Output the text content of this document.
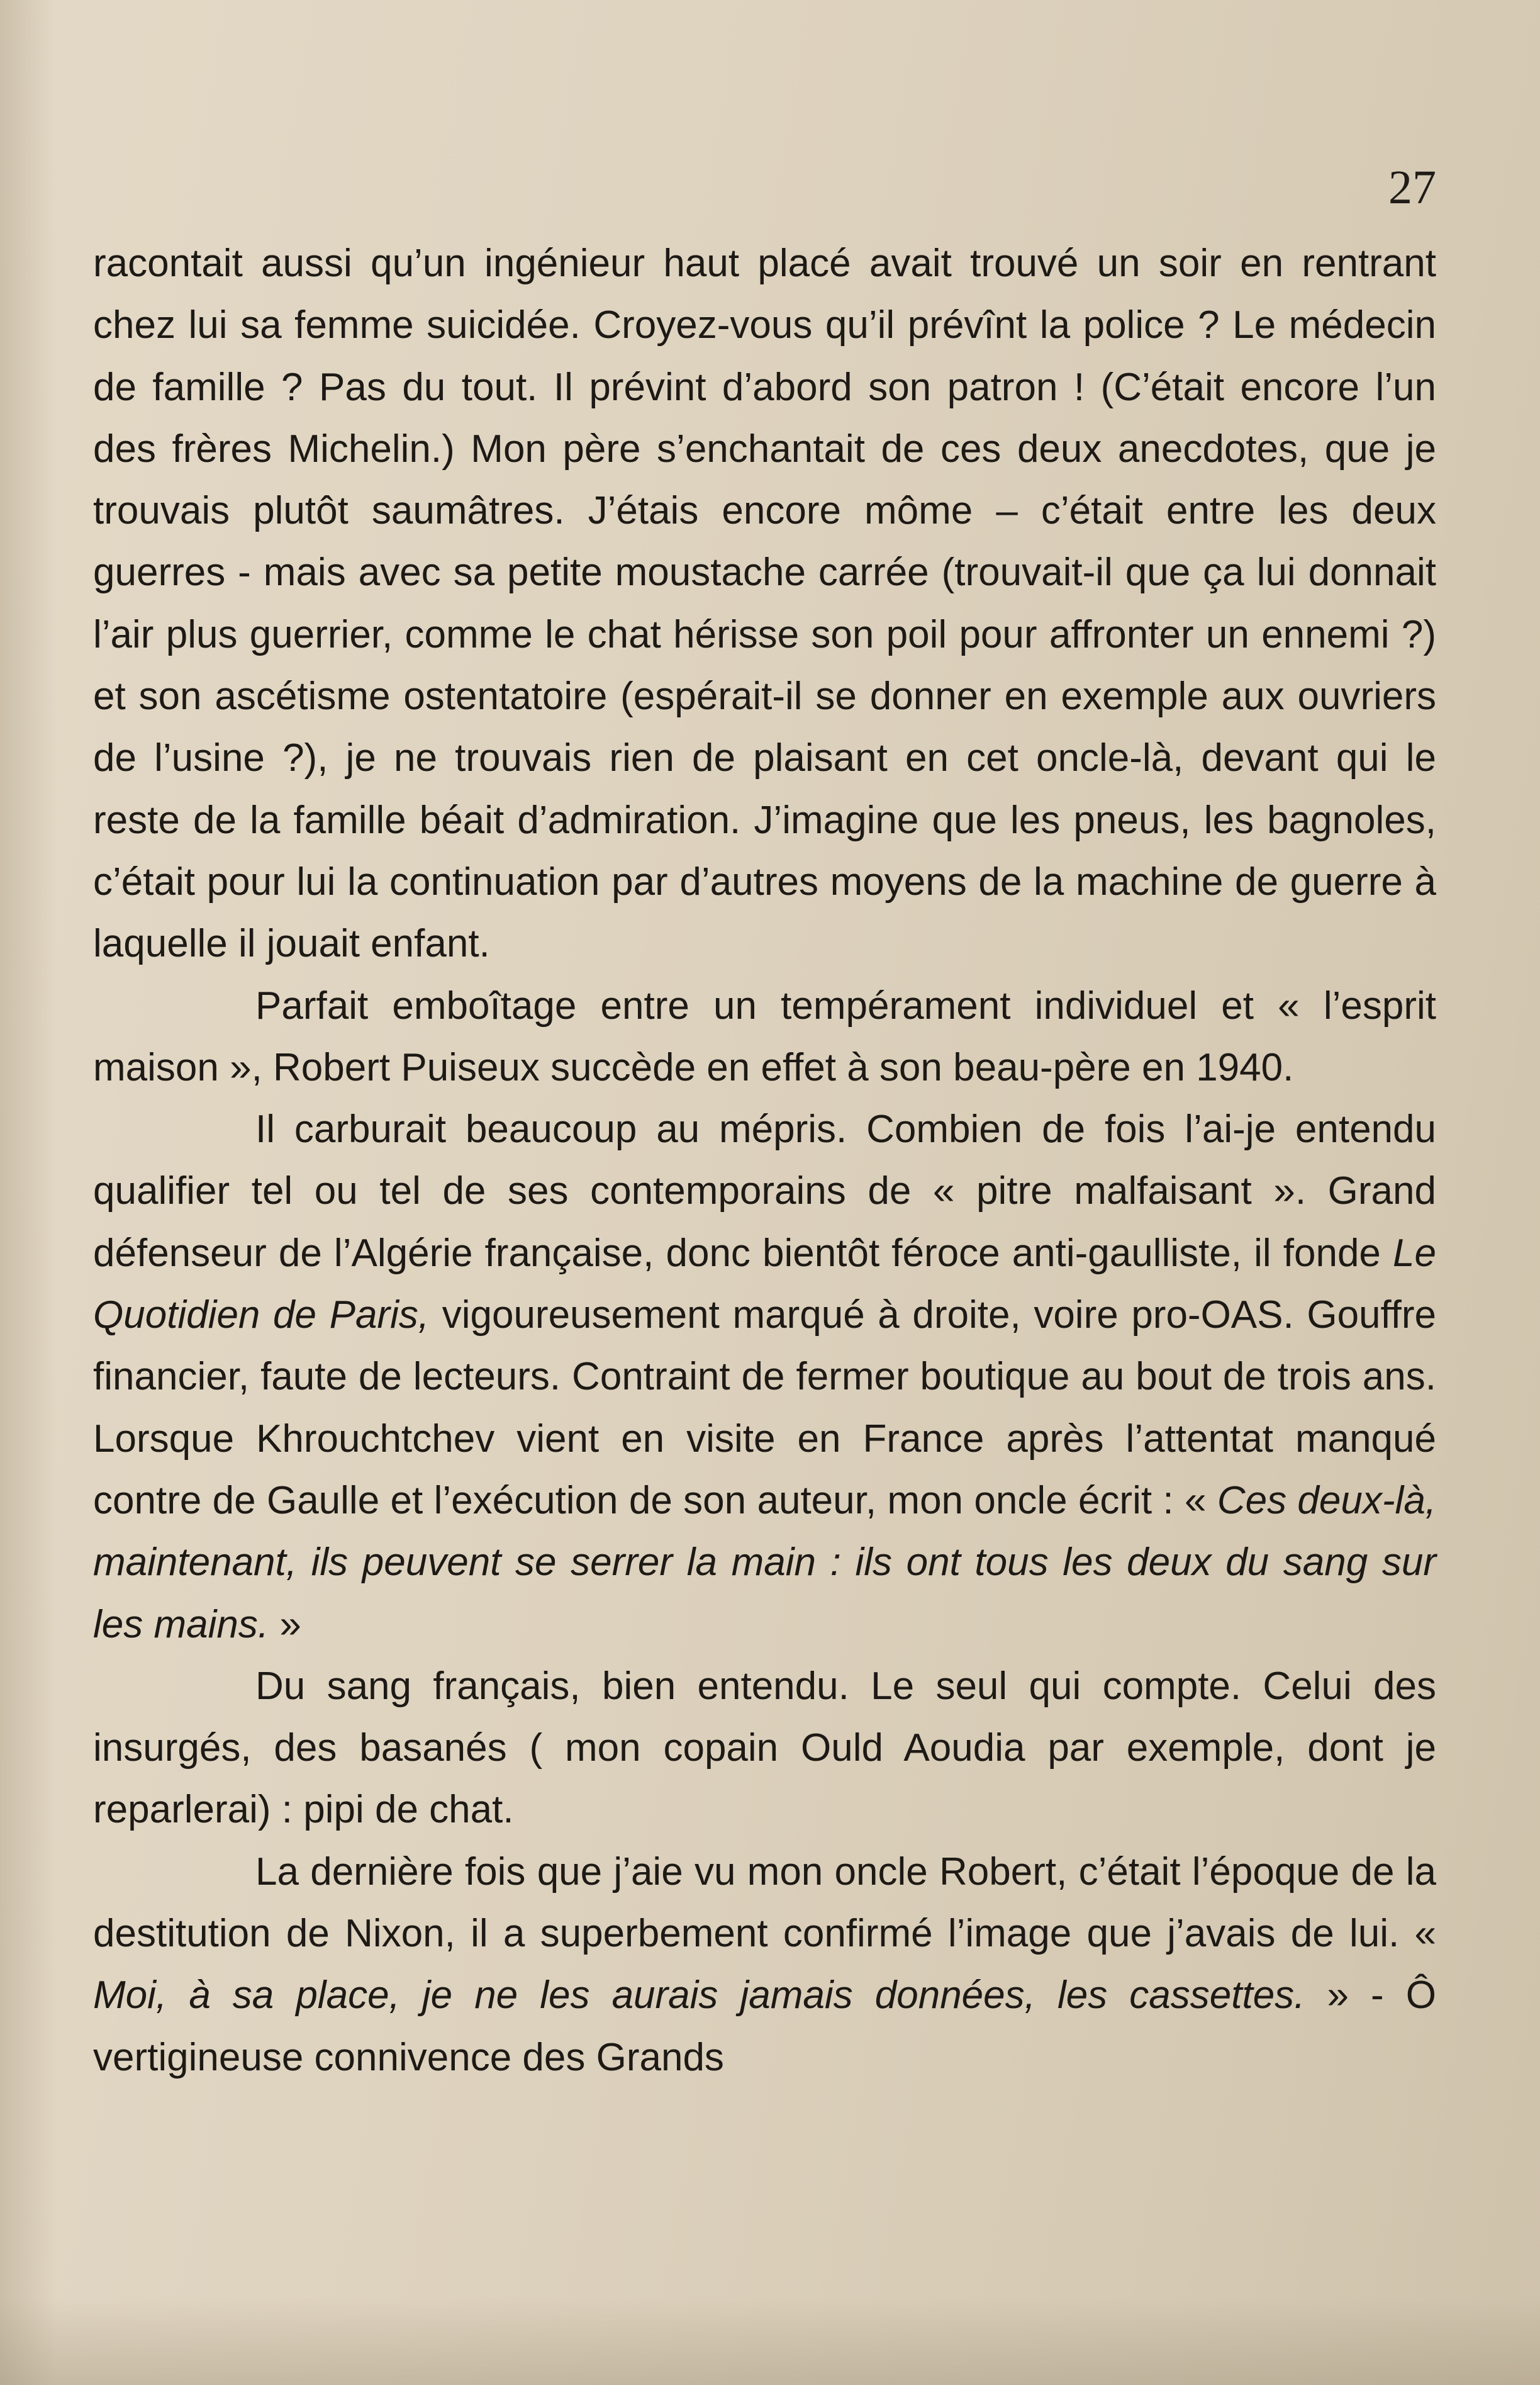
27

racontait aussi qu’un ingénieur haut placé avait trouvé un soir en rentrant chez lui sa femme suicidée. Croyez-vous qu’il prévînt la police ? Le médecin de famille ? Pas du tout. Il prévint d’abord son patron ! (C’était encore l’un des frères Michelin.) Mon père s’enchantait de ces deux anecdotes, que je trouvais plutôt saumâtres. J’étais encore môme – c’était entre les deux guerres - mais avec sa petite moustache carrée (trouvait-il que ça lui donnait l’air plus guerrier, comme le chat hérisse son poil pour affronter un ennemi ?) et son ascétisme ostentatoire (espérait-il se donner en exemple aux ouvriers de l’usine ?), je ne trouvais rien de plaisant en cet oncle-là, devant qui le reste de la famille béait d’admiration. J’imagine que les pneus, les bagnoles, c’était pour lui la continuation par d’autres moyens de la machine de guerre à laquelle il jouait enfant.

Parfait emboîtage entre un tempérament individuel et « l’esprit maison », Robert Puiseux succède en effet à son beau-père en 1940.

Il carburait beaucoup au mépris. Combien de fois l’ai-je entendu qualifier tel ou tel de ses contemporains de « pitre malfaisant ». Grand défenseur de l’Algérie française, donc bientôt féroce anti-gaulliste, il fonde Le Quotidien de Paris, vigoureusement marqué à droite, voire pro-OAS. Gouffre financier, faute de lecteurs. Contraint de fermer boutique au bout de trois ans. Lorsque Khrouchtchev vient en visite en France après l’attentat manqué contre de Gaulle et l’exécution de son auteur, mon oncle écrit : « Ces deux-là, maintenant, ils peuvent se serrer la main : ils ont tous les deux du sang sur les mains. »

Du sang français, bien entendu. Le seul qui compte. Celui des insurgés, des basanés ( mon copain Ould Aoudia par exemple, dont je reparlerai) : pipi de chat.

La dernière fois que j’aie vu mon oncle Robert, c’était l’époque de la destitution de Nixon, il a superbement confirmé l’image que j’avais de lui. « Moi, à sa place, je ne les aurais jamais données, les cassettes. » - Ô vertigineuse connivence des Grands
